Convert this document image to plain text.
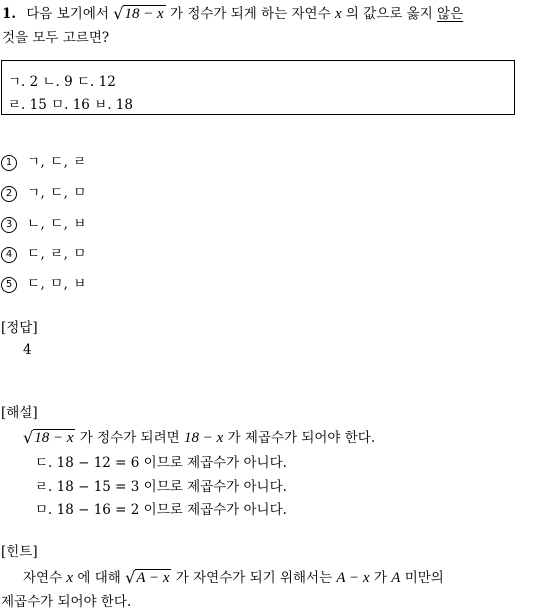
1. 다음 보기에서 √18 − x 가 정수가 되게 하는 자연수 x 의 값으로 옳지 않은
것을 모두 고르면?
ㄱ. 2 ㄴ. 9 ㄷ. 12
ㄹ. 15 ㅁ. 16 ㅂ. 18
1 ㄱ, ㄷ, ㄹ
2 ㄱ, ㄷ, ㅁ
3 ㄴ, ㄷ, ㅂ
4 ㄷ, ㄹ, ㅁ
5 ㄷ, ㅁ, ㅂ
[정답]
4
[해설]
√18 − x 가 정수가 되려면 18 − x 가 제곱수가 되어야 한다.
ㄷ. 18 − 12 = 6 이므로 제곱수가 아니다.
ㄹ. 18 − 15 = 3 이므로 제곱수가 아니다.
ㅁ. 18 − 16 = 2 이므로 제곱수가 아니다.
[힌트]
자연수 x 에 대해 √A − x 가 자연수가 되기 위해서는 A − x 가 A 미만의
제곱수가 되어야 한다.
